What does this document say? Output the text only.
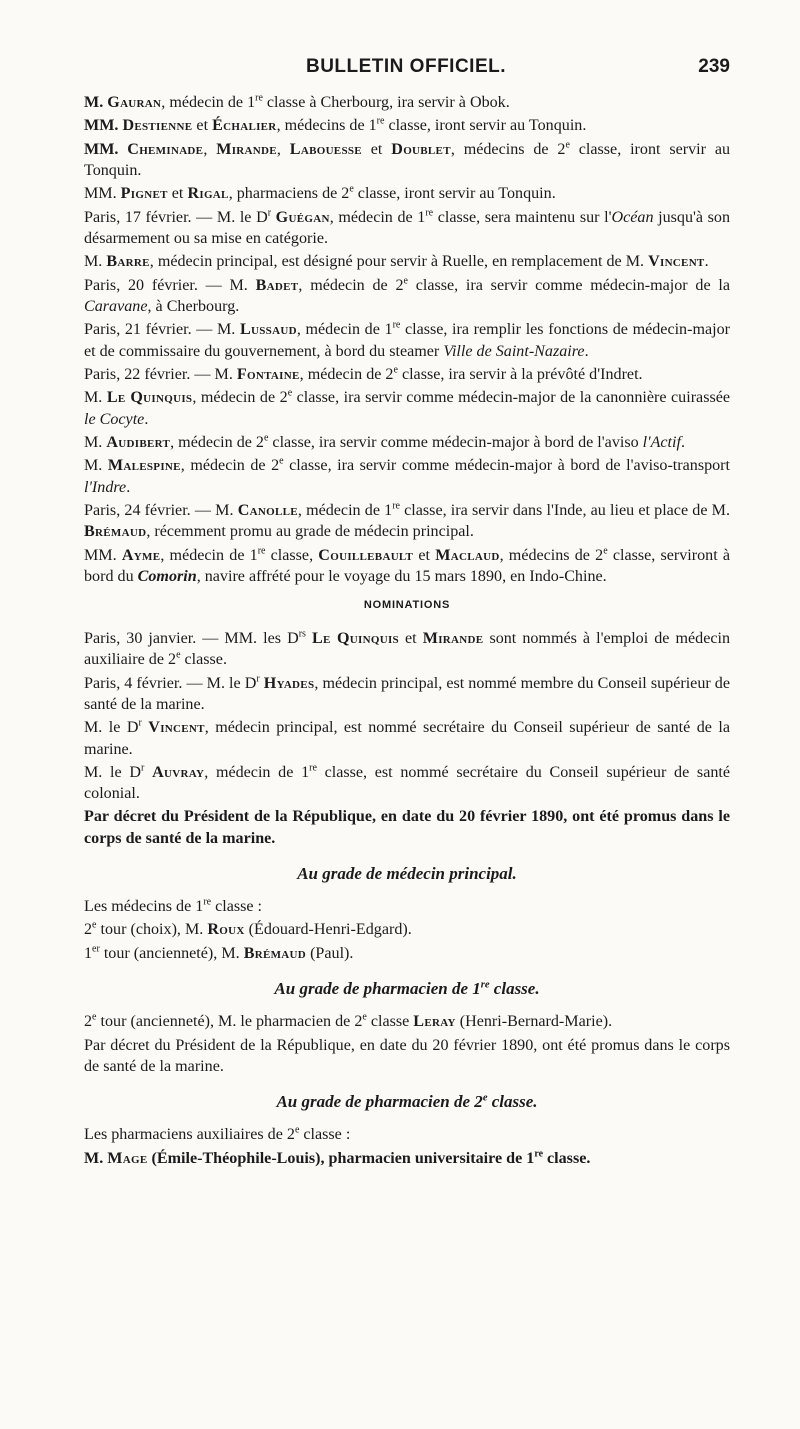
BULLETIN OFFICIEL.	239

M. Gauran, médecin de 1re classe à Cherbourg, ira servir à Obok.

MM. Destienne et Échalier, médecins de 1re classe, iront servir au Tonquin.

MM. Cheminade, Mirande, Labouesse et Doublet, médecins de 2e classe, iront servir au Tonquin.

MM. Pignet et Rigal, pharmaciens de 2e classe, iront servir au Tonquin.

Paris, 17 février. — M. le $D^r$ Guégan, médecin de 1re classe, sera maintenu sur l'Océan jusqu'à son désarmement ou sa mise en catégorie.

M. Barre, médecin principal, est désigné pour servir à Ruelle, en remplacement de M. Vincent.

Paris, 20 février. — M. Badet, médecin de 2e classe, ira servir comme médecin-major de la Caravane, à Cherbourg.

Paris, 21 février. — M. Lussaud, médecin de 1re classe, ira remplir les fonctions de médecin-major et de commissaire du gouvernement, à bord du steamer Ville de Saint-Nazaire.

Paris, 22 février. — M. Fontaine, médecin de 2e classe, ira servir à la prévôté d'Indret.

M. Le Quinquis, médecin de 2e classe, ira servir comme médecin-major de la canonnière cuirassée le Cocyte.

M. Audibert, médecin de 2e classe, ira servir comme médecin-major à bord de l'aviso l'Actif.

M. Malespine, médecin de 2e classe, ira servir comme médecin-major à bord de l'aviso-transport l'Indre.

Paris, 24 février. — M. Canolle, médecin de 1re classe, ira servir dans l'Inde, au lieu et place de M. Brémaud, récemment promu au grade de médecin principal.

MM. Ayme, médecin de 1re classe, Couillebault et Maclaud, médecins de 2e classe, serviront à bord du Comorin, navire affrété pour le voyage du 15 mars 1890, en Indo-Chine.

NOMINATIONS

Paris, 30 janvier. — MM. les $D^{rs}$ Le Quinquis et Mirande sont nommés à l'emploi de médecin auxiliaire de 2e classe.

Paris, 4 février. — M. le $D^r$ Hyades, médecin principal, est nommé membre du Conseil supérieur de santé de la marine.

M. le $D^r$ Vincent, médecin principal, est nommé secrétaire du Conseil supérieur de santé de la marine.

M. le $D^r$ Auvray, médecin de 1re classe, est nommé secrétaire du Conseil supérieur de santé colonial.

Par décret du Président de la République, en date du 20 février 1890, ont été promus dans le corps de santé de la marine.

Au grade de médecin principal.

Les médecins de 1re classe :

2e tour (choix), M. Roux (Édouard-Henri-Edgard).

1er tour (ancienneté), M. Brémaud (Paul).

Au grade de pharmacien de 1re classe.

2e tour (ancienneté), M. le pharmacien de 2e classe Leray (Henri-Bernard-Marie).

Par décret du Président de la République, en date du 20 février 1890, ont été promus dans le corps de santé de la marine.

Au grade de pharmacien de 2e classe.

Les pharmaciens auxiliaires de 2e classe :

M. Mage (Émile-Théophile-Louis), pharmacien universitaire de 1re classe.
